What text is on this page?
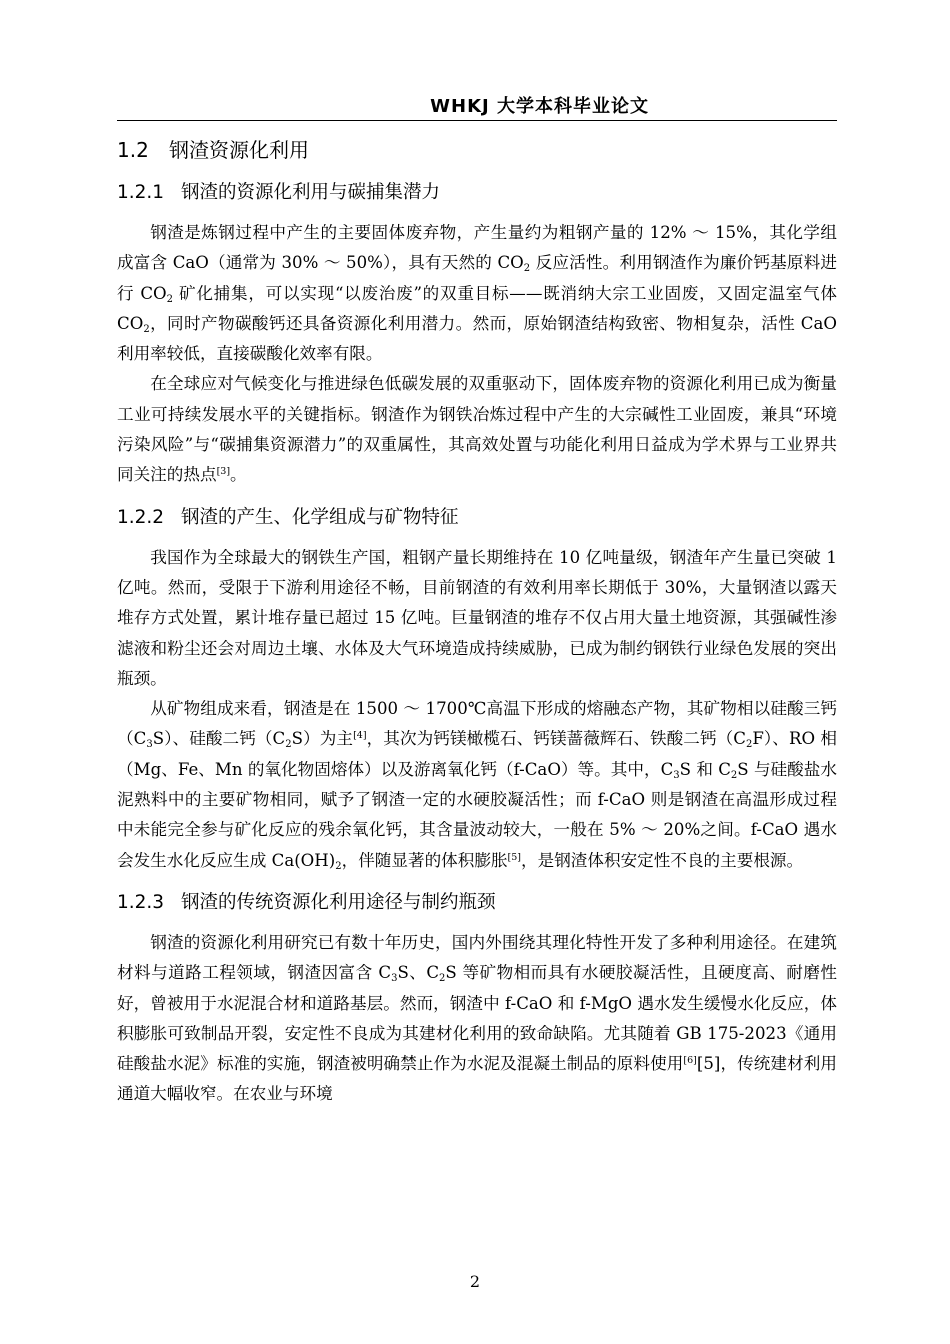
WHKJ 大学本科毕业论文
1.2 钢渣资源化利用
1.2.1 钢渣的资源化利用与碳捕集潜力

钢渣是炼钢过程中产生的主要固体废弃物，产生量约为粗钢产量的 12% ～ 15%，其化学组成富含 CaO（通常为 30% ～ 50%），具有天然的 $CO_2$ 反应活性。利用钢渣作为廉价钙基原料进行 $CO_2$ 矿化捕集，可以实现“以废治废”的双重目标——既消纳大宗工业固废，又固定温室气体 $CO_2$，同时产物碳酸钙还具备资源化利用潜力。然而，原始钢渣结构致密、物相复杂，活性 CaO 利用率较低，直接碳酸化效率有限。

在全球应对气候变化与推进绿色低碳发展的双重驱动下，固体废弃物的资源化利用已成为衡量工业可持续发展水平的关键指标。钢渣作为钢铁冶炼过程中产生的大宗碱性工业固废，兼具“环境污染风险”与“碳捕集资源潜力”的双重属性，其高效处置与功能化利用日益成为学术界与工业界共同关注的热点[3]。

1.2.2 钢渣的产生、化学组成与矿物特征

我国作为全球最大的钢铁生产国，粗钢产量长期维持在 10 亿吨量级，钢渣年产生量已突破 1 亿吨。然而，受限于下游利用途径不畅，目前钢渣的有效利用率长期低于 30%，大量钢渣以露天堆存方式处置，累计堆存量已超过 15 亿吨。巨量钢渣的堆存不仅占用大量土地资源，其强碱性渗滤液和粉尘还会对周边土壤、水体及大气环境造成持续威胁，已成为制约钢铁行业绿色发展的突出瓶颈。

从矿物组成来看，钢渣是在 1500 ～ 1700℃高温下形成的熔融态产物，其矿物相以硅酸三钙$(C_3S)$、硅酸二钙$(C_2S)$为主[4]，其次为钙镁橄榄石、钙镁蔷薇辉石、铁酸二钙$(C_2F)$、RO 相（Mg、Fe、Mn 的氧化物固熔体）以及游离氧化钙（f-CaO）等。其中，$C_3S$ 和 $C_2S$ 与硅酸盐水泥熟料中的主要矿物相同，赋予了钢渣一定的水硬胶凝活性；而 f-CaO 则是钢渣在高温形成过程中未能完全参与矿化反应的残余氧化钙，其含量波动较大，一般在 5% ～ 20%之间。f-CaO 遇水会发生水化反应生成 $Ca(OH)_2$，伴随显著的体积膨胀[5]，是钢渣体积安定性不良的主要根源。

1.2.3 钢渣的传统资源化利用途径与制约瓶颈

钢渣的资源化利用研究已有数十年历史，国内外围绕其理化特性开发了多种利用途径。在建筑材料与道路工程领域，钢渣因富含 $C_3S$、$C_2S$ 等矿物相而具有水硬胶凝活性，且硬度高、耐磨性好，曾被用于水泥混合材和道路基层。然而，钢渣中 f-CaO 和 f-MgO 遇水发生缓慢水化反应，体积膨胀可致制品开裂，安定性不良成为其建材化利用的致命缺陷。尤其随着 GB 175-2023《通用硅酸盐水泥》标准的实施，钢渣被明确禁止作为水泥及混凝土制品的原料使用[6][5]，传统建材利用通道大幅收窄。在农业与环境

2
